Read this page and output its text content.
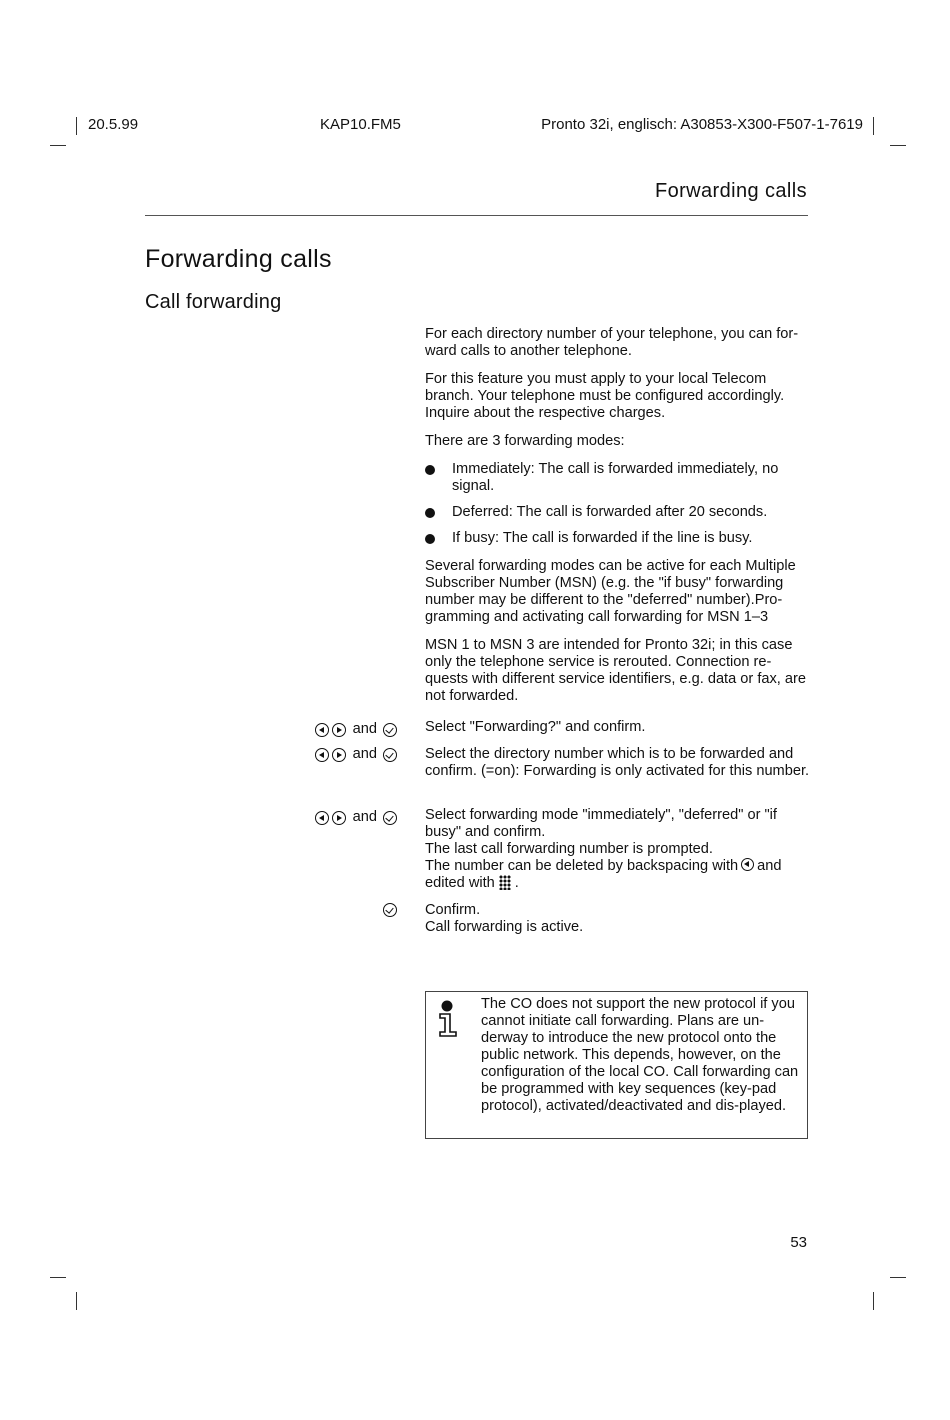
20.5.99	KAP10.FM5	Pronto 32i, englisch: A30853-X300-F507-1-7619
Forwarding calls
Forwarding calls
Call forwarding

For each directory number of your telephone, you can for-ward calls to another telephone.

For this feature you must apply to your local Telecom branch. Your telephone must be configured accordingly. Inquire about the respective charges.

There are 3 forwarding modes:

Immediately: The call is forwarded immediately, no signal.
Deferred: The call is forwarded after 20 seconds.
If busy: The call is forwarded if the line is busy.

Several forwarding modes can be active for each Multiple Subscriber Number (MSN) (e.g. the "if busy" forwarding number may be different to the "deferred" number).Pro-gramming and activating call forwarding for MSN 1–3

MSN 1 to MSN 3 are intended for Pronto 32i; in this case only the telephone service is rerouted. Connection re-quests with different service identifiers, e.g. data or fax, are not forwarded.

and	Select "Forwarding?" and confirm.
and	Select the directory number which is to be forwarded and confirm. (=on): Forwarding is only activated for this number.
and	Select forwarding mode "immediately", "deferred" or "if busy" and confirm.
The last call forwarding number is prompted.
The number can be deleted by backspacing with and
edited with .
Confirm.
Call forwarding is active.
The CO does not support the new protocol if you cannot initiate call forwarding. Plans are un-derway to introduce the new protocol onto the public network. This depends, however, on the configuration of the local CO. Call forwarding can be programmed with key sequences (key-pad protocol), activated/deactivated and dis-played.
53
